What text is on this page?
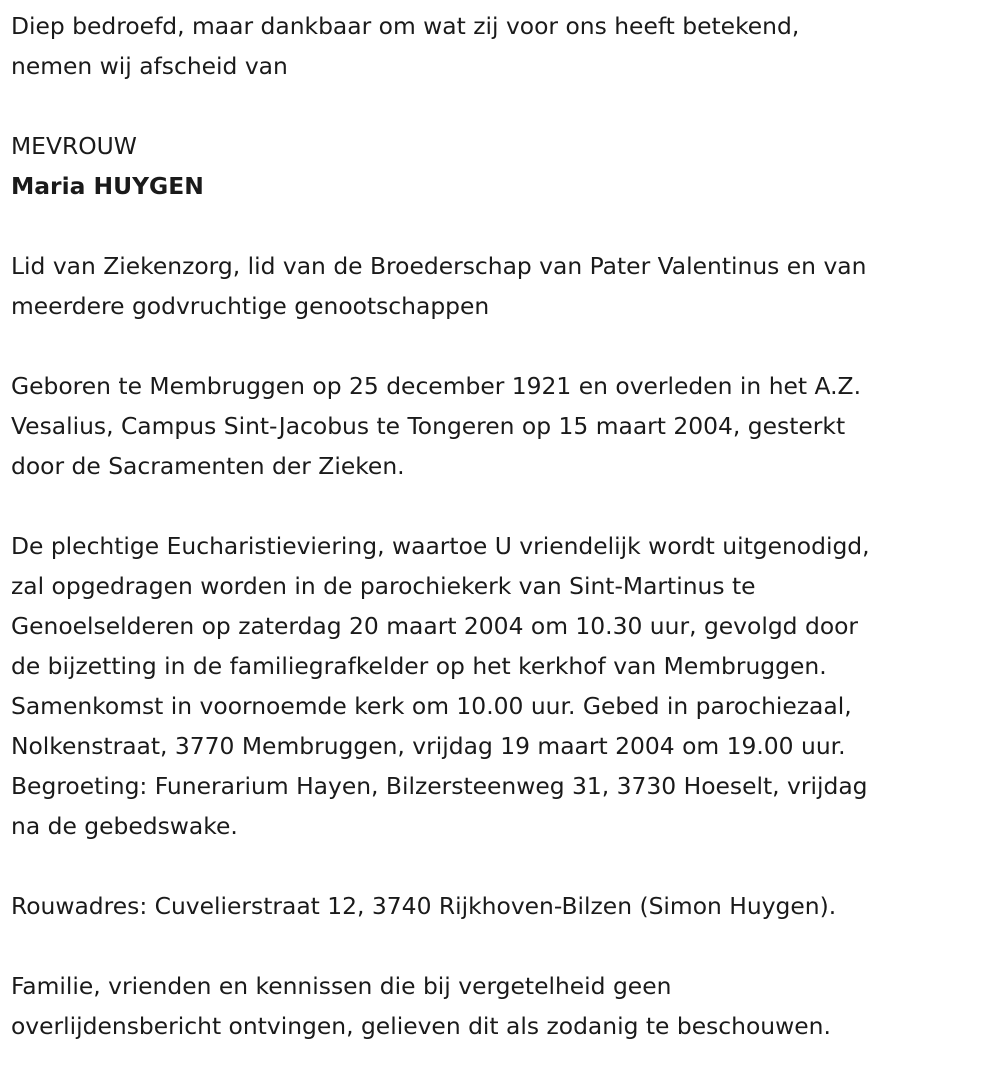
Diep bedroefd, maar dankbaar om wat zij voor ons heeft betekend,
nemen wij afscheid van

MEVROUW

Maria HUYGEN

Lid van Ziekenzorg, lid van de Broederschap van Pater Valentinus en van
meerdere godvruchtige genootschappen

Geboren te Membruggen op 25 december 1921 en overleden in het A.Z.
Vesalius, Campus Sint-Jacobus te Tongeren op 15 maart 2004, gesterkt
door de Sacramenten der Zieken.

De plechtige Eucharistieviering, waartoe U vriendelijk wordt uitgenodigd,
zal opgedragen worden in de parochiekerk van Sint-Martinus te
Genoelselderen op zaterdag 20 maart 2004 om 10.30 uur, gevolgd door
de bijzetting in de familiegrafkelder op het kerkhof van Membruggen.
Samenkomst in voornoemde kerk om 10.00 uur. Gebed in parochiezaal,
Nolkenstraat, 3770 Membruggen, vrijdag 19 maart 2004 om 19.00 uur.
Begroeting: Funerarium Hayen, Bilzersteenweg 31, 3730 Hoeselt, vrijdag
na de gebedswake.

Rouwadres: Cuvelierstraat 12, 3740 Rijkhoven-Bilzen (Simon Huygen).

Familie, vrienden en kennissen die bij vergetelheid geen
overlijdensbericht ontvingen, gelieven dit als zodanig te beschouwen.
